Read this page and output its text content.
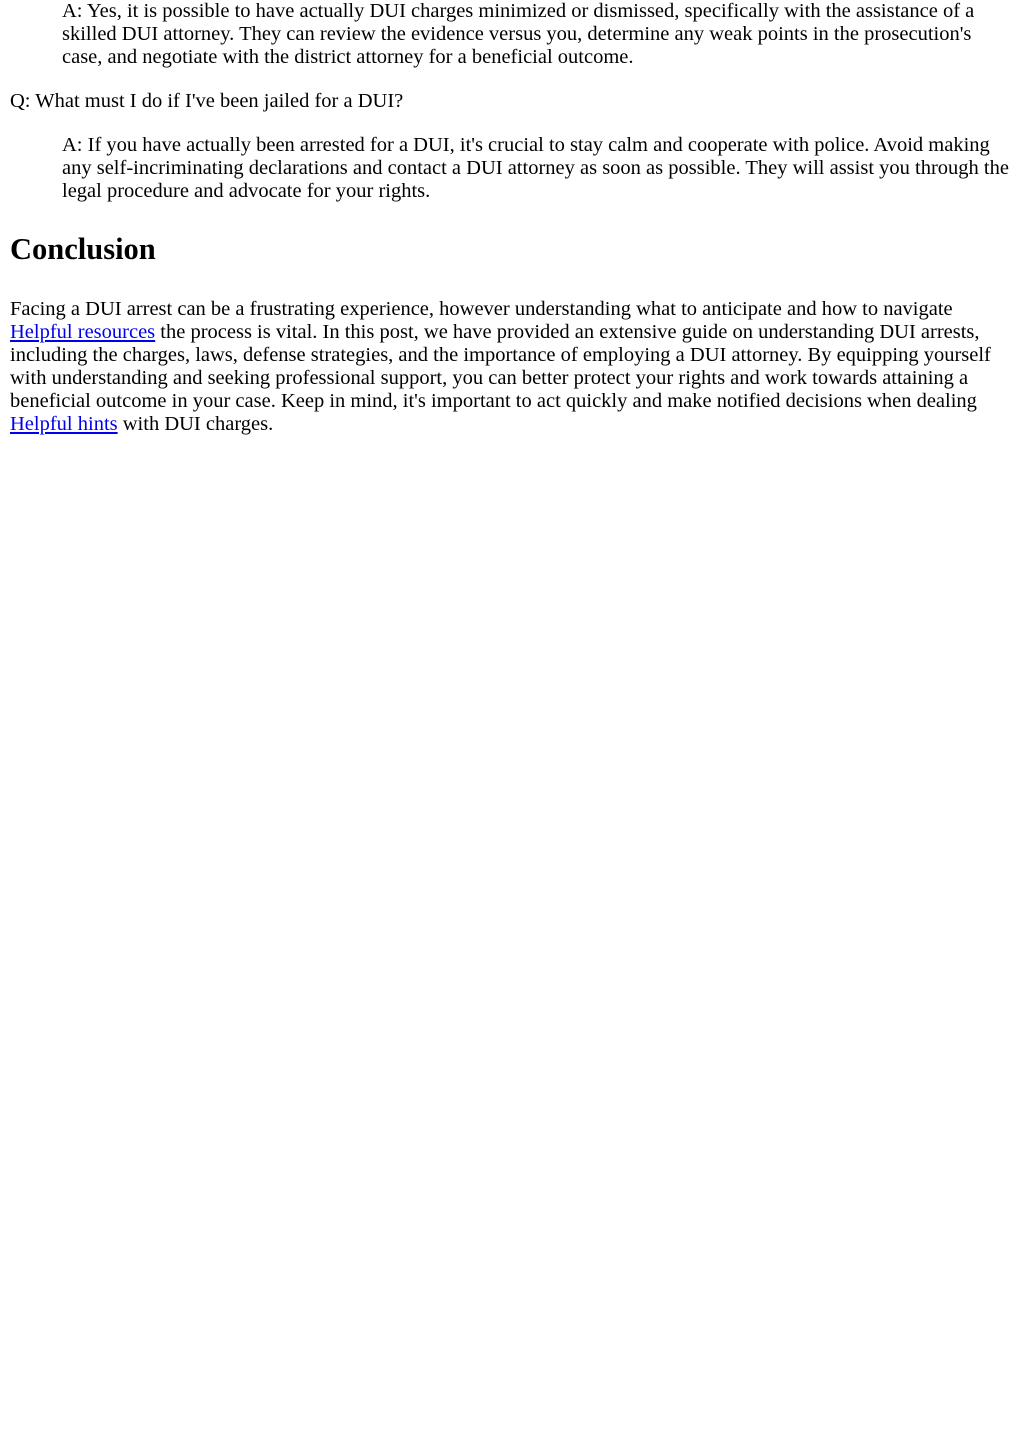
A: Yes, it is possible to have actually DUI charges minimized or dismissed, specifically with the assistance of a skilled DUI attorney. They can review the evidence versus you, determine any weak points in the prosecution's case, and negotiate with the district attorney for a beneficial outcome.

Q: What must I do if I've been jailed for a DUI?

A: If you have actually been arrested for a DUI, it's crucial to stay calm and cooperate with police. Avoid making any self-incriminating declarations and contact a DUI attorney as soon as possible. They will assist you through the legal procedure and advocate for your rights.

Conclusion

Facing a DUI arrest can be a frustrating experience, however understanding what to anticipate and how to navigate Helpful resources the process is vital. In this post, we have provided an extensive guide on understanding DUI arrests, including the charges, laws, defense strategies, and the importance of employing a DUI attorney. By equipping yourself with understanding and seeking professional support, you can better protect your rights and work towards attaining a beneficial outcome in your case. Keep in mind, it's important to act quickly and make notified decisions when dealing Helpful hints with DUI charges.
